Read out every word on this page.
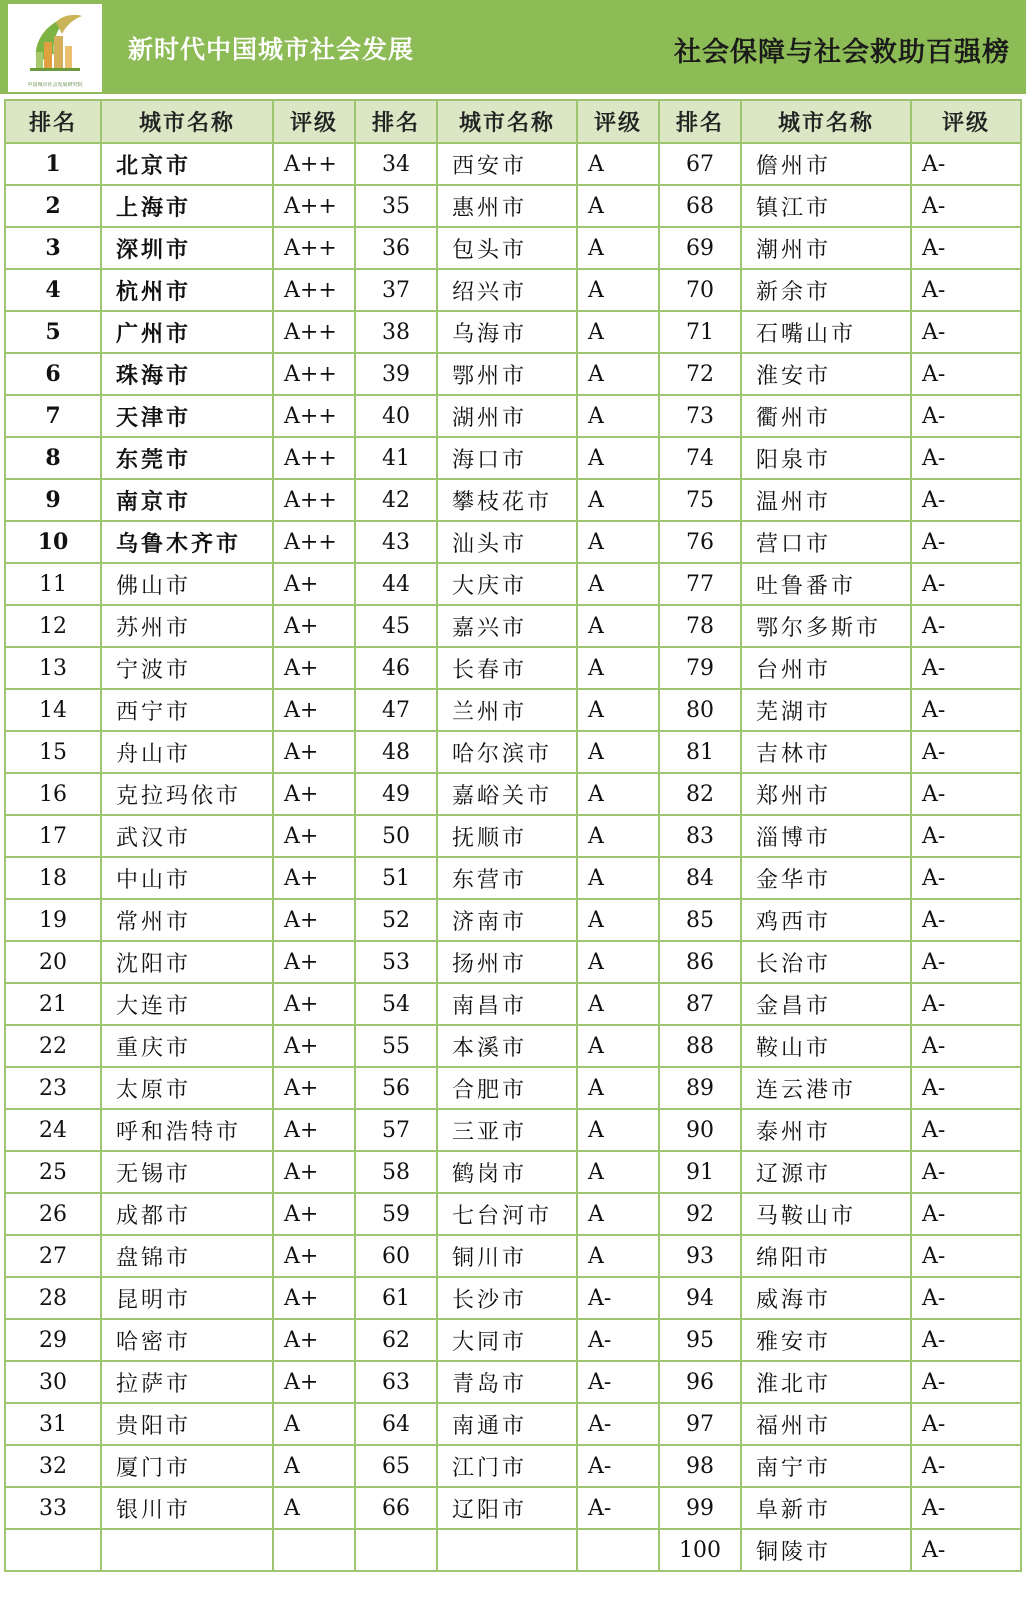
中国城市社会发展研究院
新时代中国城市社会发展	社会保障与社会救助百强榜
排名	城市名称	评级	排名	城市名称	评级	排名	城市名称	评级
1	北京市	A++	34	西安市	A	67	儋州市	A-
2	上海市	A++	35	惠州市	A	68	镇江市	A-
3	深圳市	A++	36	包头市	A	69	潮州市	A-
4	杭州市	A++	37	绍兴市	A	70	新余市	A-
5	广州市	A++	38	乌海市	A	71	石嘴山市	A-
6	珠海市	A++	39	鄂州市	A	72	淮安市	A-
7	天津市	A++	40	湖州市	A	73	衢州市	A-
8	东莞市	A++	41	海口市	A	74	阳泉市	A-
9	南京市	A++	42	攀枝花市	A	75	温州市	A-
10	乌鲁木齐市	A++	43	汕头市	A	76	营口市	A-
11	佛山市	A+	44	大庆市	A	77	吐鲁番市	A-
12	苏州市	A+	45	嘉兴市	A	78	鄂尔多斯市	A-
13	宁波市	A+	46	长春市	A	79	台州市	A-
14	西宁市	A+	47	兰州市	A	80	芜湖市	A-
15	舟山市	A+	48	哈尔滨市	A	81	吉林市	A-
16	克拉玛依市	A+	49	嘉峪关市	A	82	郑州市	A-
17	武汉市	A+	50	抚顺市	A	83	淄博市	A-
18	中山市	A+	51	东营市	A	84	金华市	A-
19	常州市	A+	52	济南市	A	85	鸡西市	A-
20	沈阳市	A+	53	扬州市	A	86	长治市	A-
21	大连市	A+	54	南昌市	A	87	金昌市	A-
22	重庆市	A+	55	本溪市	A	88	鞍山市	A-
23	太原市	A+	56	合肥市	A	89	连云港市	A-
24	呼和浩特市	A+	57	三亚市	A	90	泰州市	A-
25	无锡市	A+	58	鹤岗市	A	91	辽源市	A-
26	成都市	A+	59	七台河市	A	92	马鞍山市	A-
27	盘锦市	A+	60	铜川市	A	93	绵阳市	A-
28	昆明市	A+	61	长沙市	A-	94	威海市	A-
29	哈密市	A+	62	大同市	A-	95	雅安市	A-
30	拉萨市	A+	63	青岛市	A-	96	淮北市	A-
31	贵阳市	A	64	南通市	A-	97	福州市	A-
32	厦门市	A	65	江门市	A-	98	南宁市	A-
33	银川市	A	66	辽阳市	A-	99	阜新市	A-
						100	铜陵市	A-
